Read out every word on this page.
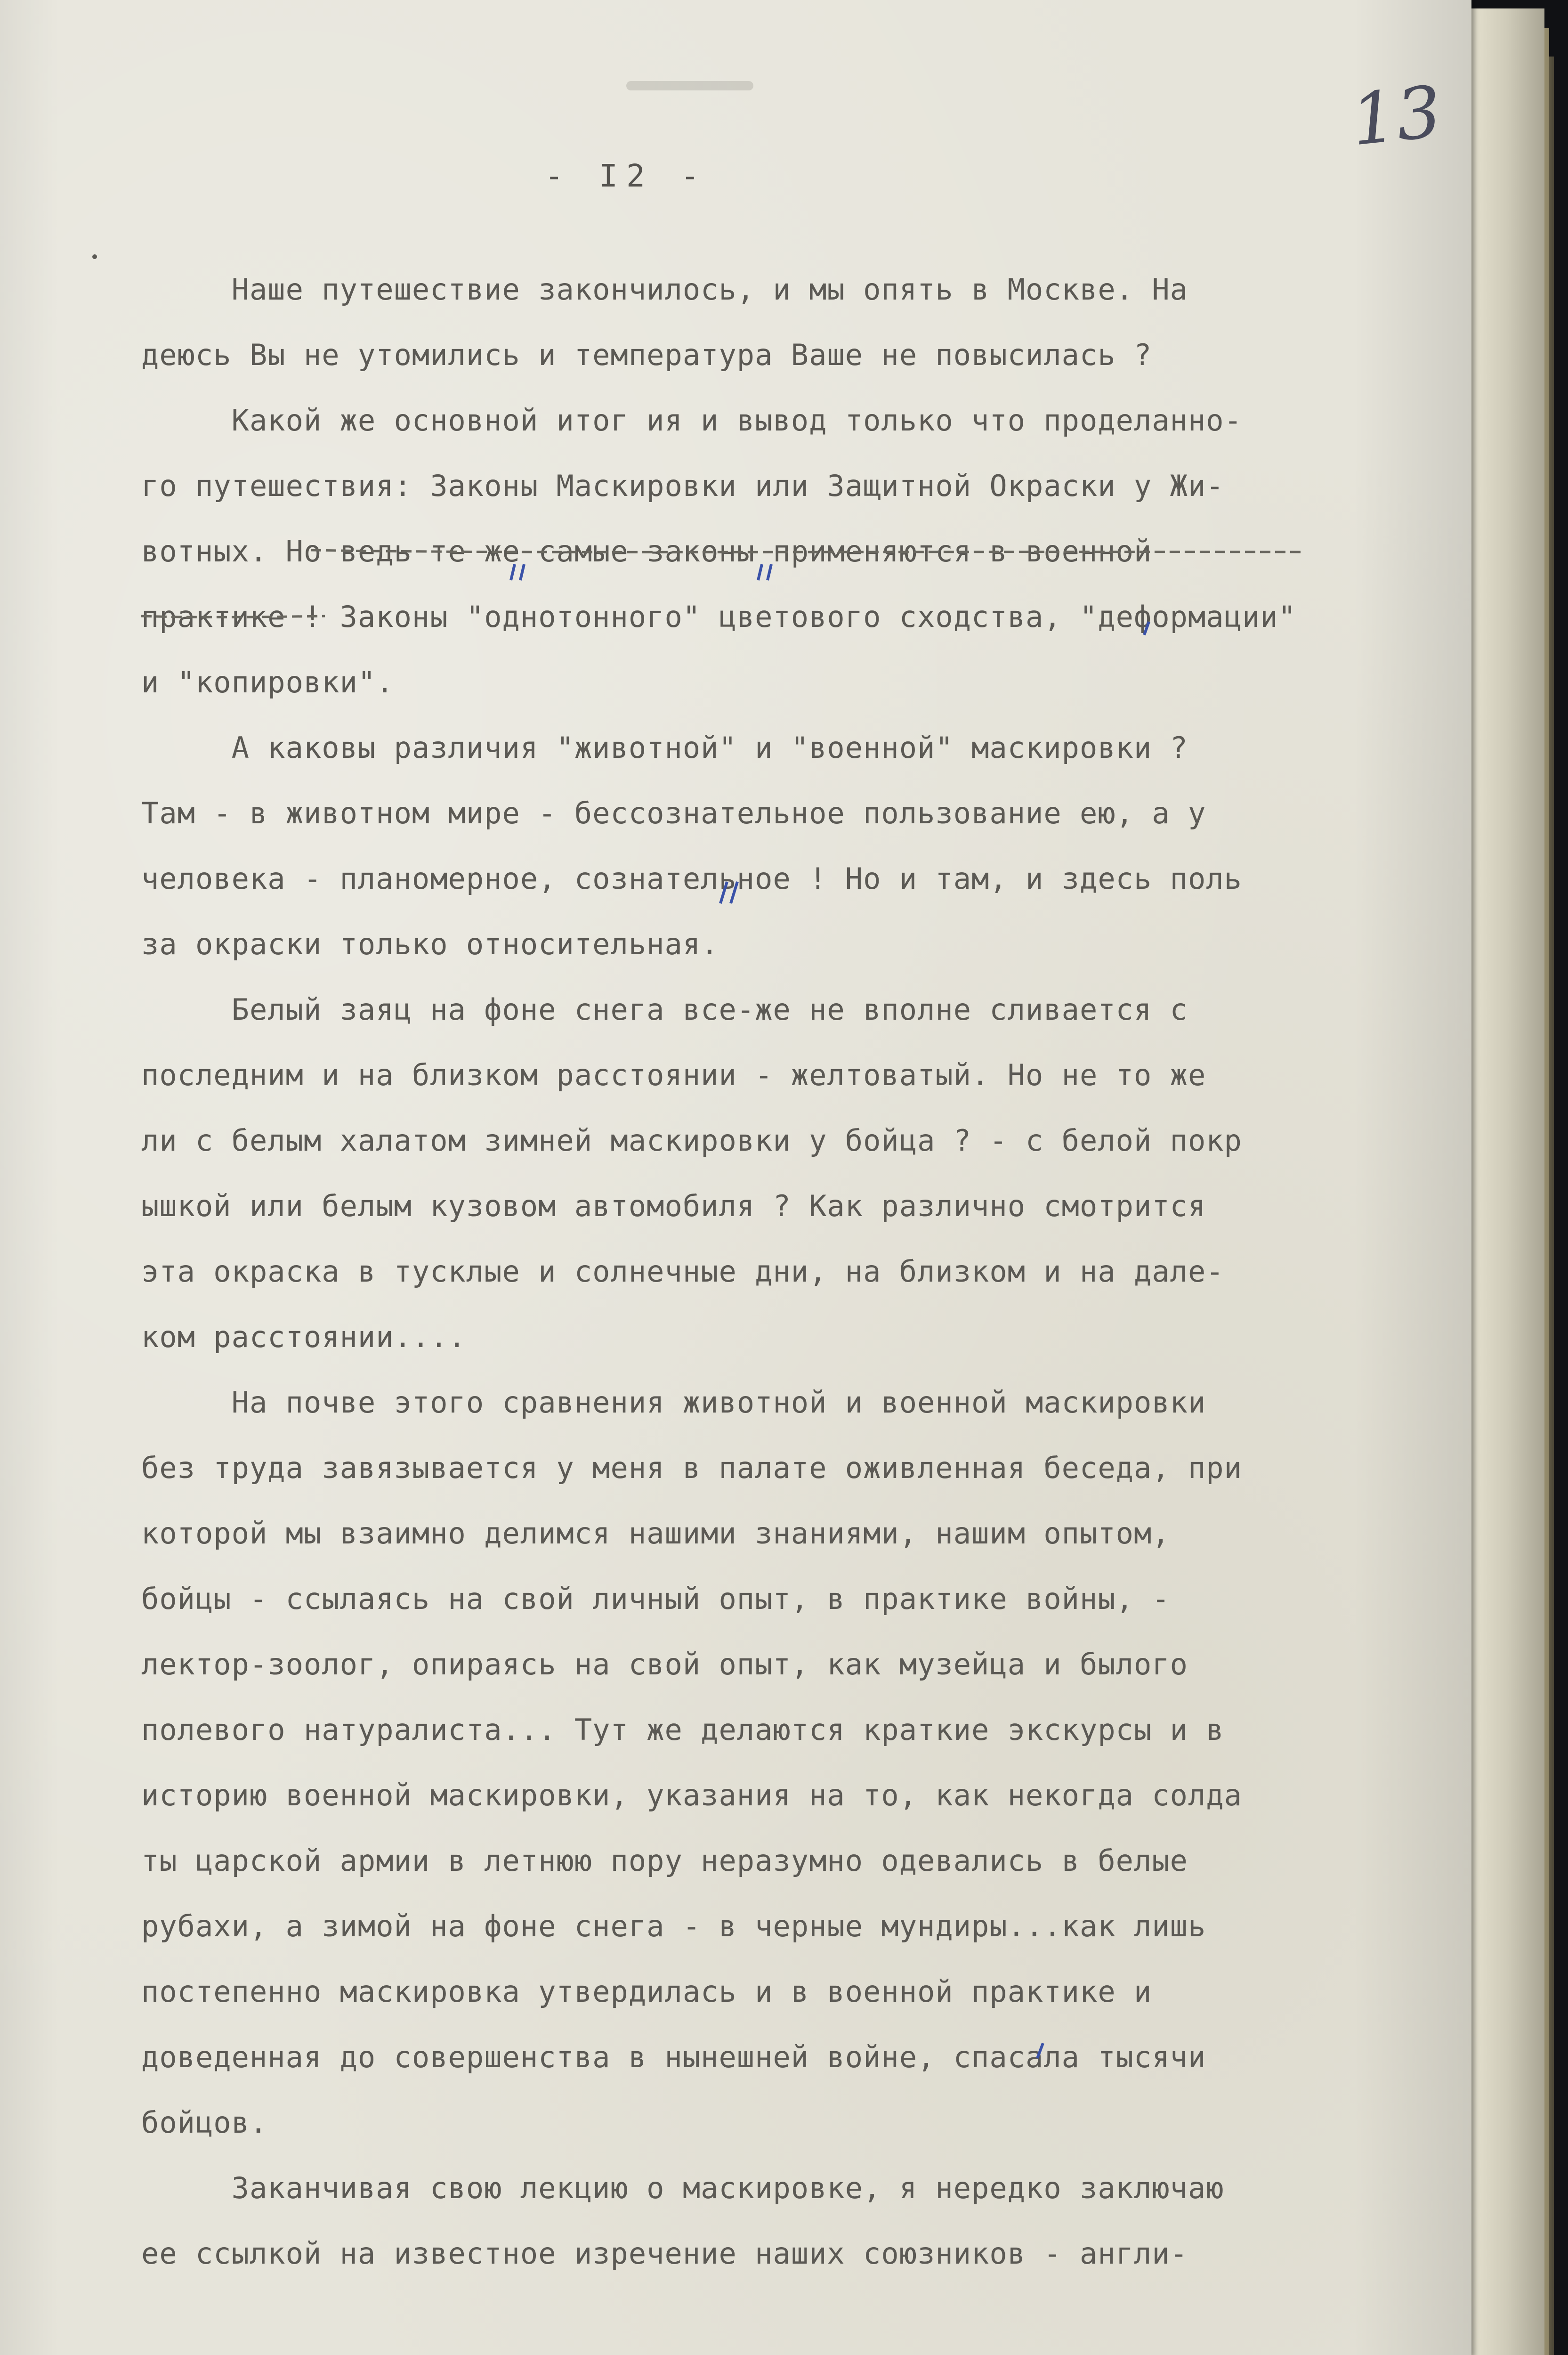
13
- I2 -
Наше путешествие закончилось, и мы опять в Москве. На
деюсь Вы не утомились и температура Ваше не повысилась ?
Какой же основной итог ия и вывод только что проделанно-
го путешествия: Законы Маскировки или Защитной Окраски у Жи-
вотных. Но ведь те же самые законы применяются в военной
практике ! Законы "однотонного" цветового сходства, "деформации"
и "копировки".
А каковы различия "животной" и "военной" маскировки ?
Там - в животном мире - бессознательное пользование ею, а у
человека - планомерное, сознательное ! Но и там, и здесь поль
за окраски только относительная.
Белый заяц на фоне снега все-же не вполне сливается с
последним и на близком расстоянии - желтоватый. Но не то же
ли с белым халатом зимней маскировки у бойца ? - с белой покр
ышкой или белым кузовом автомобиля ? Как различно смотрится
эта окраска в тусклые и солнечные дни, на близком и на дале-
ком расстоянии....
На почве этого сравнения животной и военной маскировки
без труда завязывается у меня в палате оживленная беседа, при
которой мы взаимно делимся нашими знаниями, нашим опытом,
бойцы - ссылаясь на свой личный опыт, в практике войны, -
лектор-зоолог, опираясь на свой опыт, как музейца и былого
полевого натуралиста... Тут же делаются краткие экскурсы и в
историю военной маскировки, указания на то, как некогда солда
ты царской армии в летнюю пору неразумно одевались в белые
рубахи, а зимой на фоне снега - в черные мундиры...как лишь
постепенно маскировка утвердилась и в военной практике и
доведенная до совершенства в нынешней войне, спасала тысячи
бойцов.
Заканчивая свою лекцию о маскировке, я нередко заключаю
ее ссылкой на известное изречение наших союзников - англи-
